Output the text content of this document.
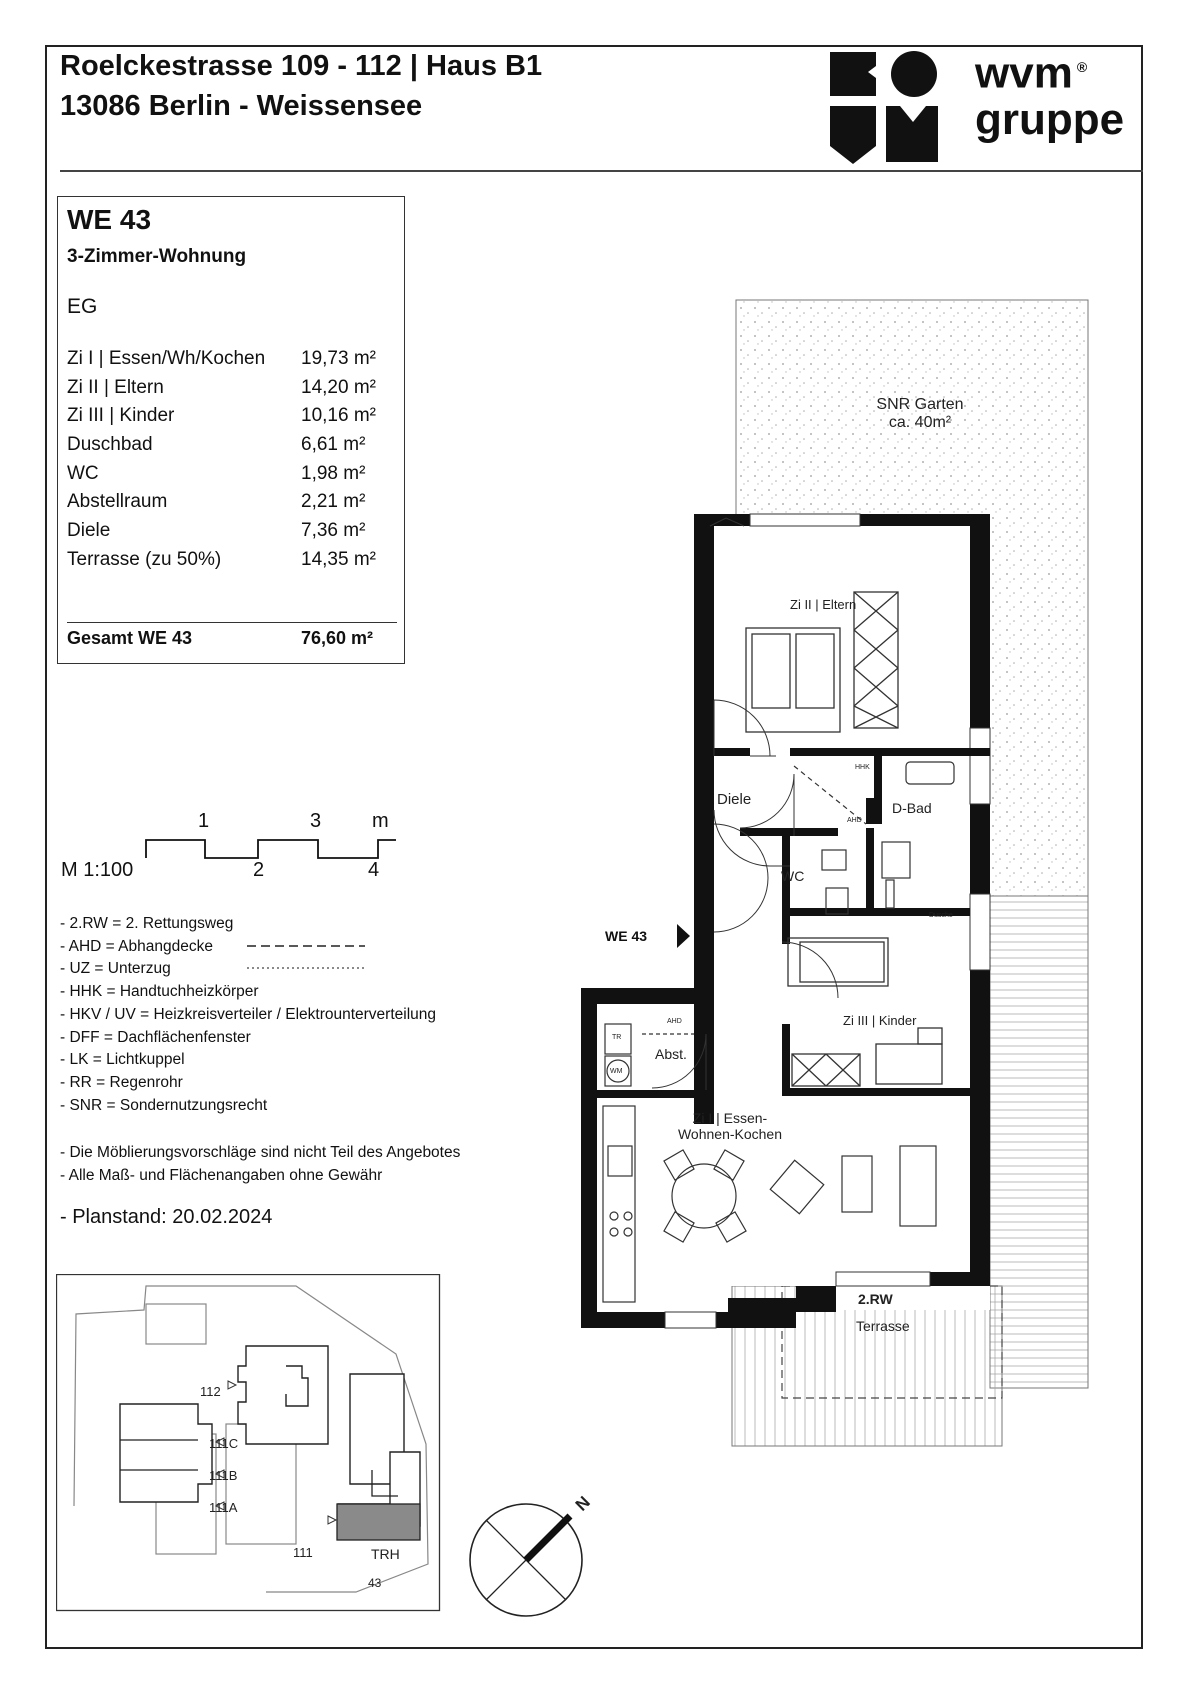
Roelckestrasse 109 - 112 | Haus B1
13086 Berlin - Weissensee
wvm ®
gruppe
WE 43
3-Zimmer-Wohnung
EG
Zi I | Essen/Wh/Kochen 19,73 m²
Zi II | Eltern	14,20 m²
Zi III | Kinder	10,16 m²
Duschbad	6,61 m²
WC	1,98 m²
Abstellraum	2,21 m²
Diele	7,36 m²
Terrasse (zu 50%)	14,35 m²
Gesamt WE 43	76,60 m²
1	3	m
M 1:100	2	4
- 2.RW = 2. Rettungsweg
- AHD = Abhangdecke
- UZ = Unterzug
- HHK = Handtuchheizkörper
- HKV / UV = Heizkreisverteiler / Elektrounterverteilung
- DFF = Dachflächenfenster
- LK = Lichtkuppel
- RR = Regenrohr
- SNR = Sondernutzungsrecht
- Die Möblierungsvorschläge sind nicht Teil des Angebotes
- Alle Maß- und Flächenangaben ohne Gewähr
- Planstand: 20.02.2024
112
111C
111B
111A
111	TRH
43
N
SNR Garten
ca. 40m²
Zi II | Eltern
Diele	D-Bad
WC
Zi III | Kinder
Abst.
Zi I | Essen-
Wohnen-Kochen
2.RW
Terrasse
HHK
AHD
Dusche
AHD
TR
WM
WE 43
